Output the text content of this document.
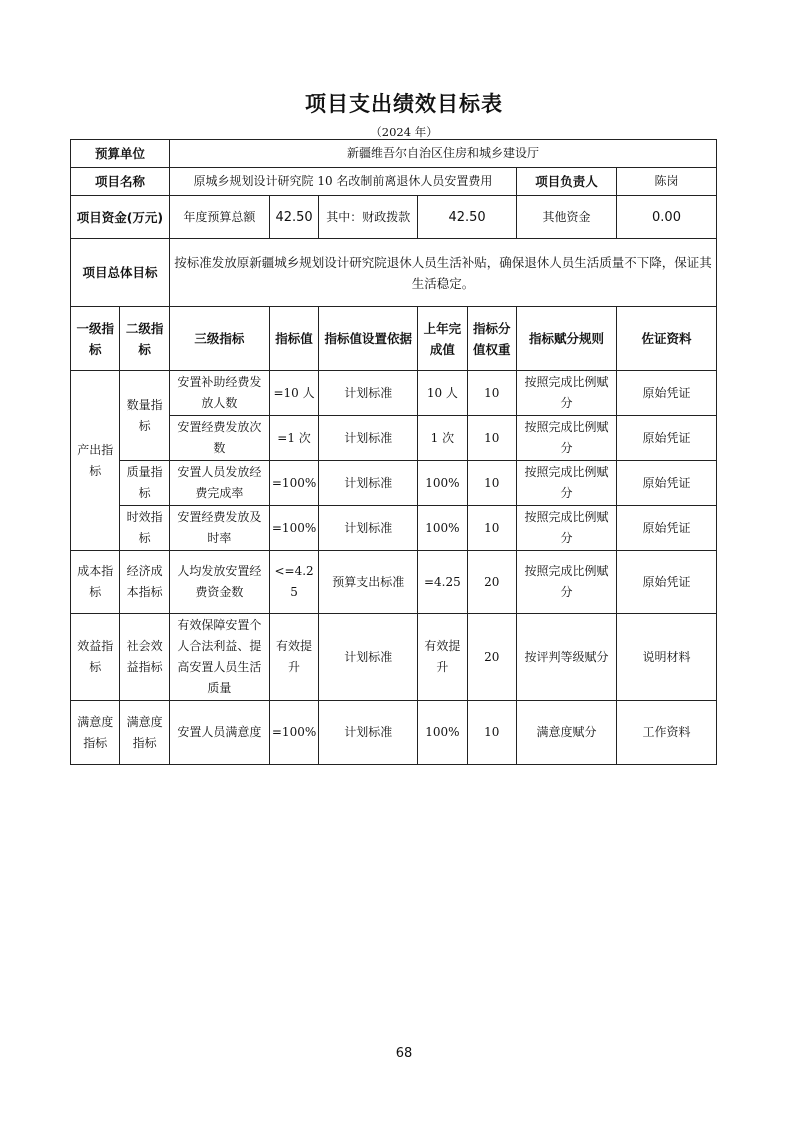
项目支出绩效目标表
（2024 年）
预算单位		新疆维吾尔自治区住房和城乡建设厅						
项目名称		原城乡规划设计研究院 10 名改制前离退休人员安置费用					项目负责人	陈岗
项目资金(万元)		年度预算总额	42.50	其中：财政拨款	42.50		其他资金	0.00
项目总体目标		按标准发放原新疆城乡规划设计研究院退休人员生活补贴，确保退休人员生活质量不下降，保证其生活稳定。						
一级指标	二级指标	三级指标	指标值	指标值设置依据	上年完成值	指标分值权重	指标赋分规则	佐证资料
产出指标	数量指标	安置补助经费发放人数	=10 人	计划标准	10 人	10	按照完成比例赋分	原始凭证
		安置经费发放次数	=1 次	计划标准	1 次	10	按照完成比例赋分	原始凭证
	质量指标	安置人员发放经费完成率	=100%	计划标准	100%	10	按照完成比例赋分	原始凭证
	时效指标	安置经费发放及时率	=100%	计划标准	100%	10	按照完成比例赋分	原始凭证
成本指标	经济成本指标	人均发放安置经费资金数	<=4.25	预算支出标准	=4.25	20	按照完成比例赋分	原始凭证
效益指标	社会效益指标	有效保障安置个人合法利益、提高安置人员生活质量	有效提升	计划标准	有效提升	20	按评判等级赋分	说明材料
满意度指标	满意度指标	安置人员满意度	=100%	计划标准	100%	10	满意度赋分	工作资料
68
